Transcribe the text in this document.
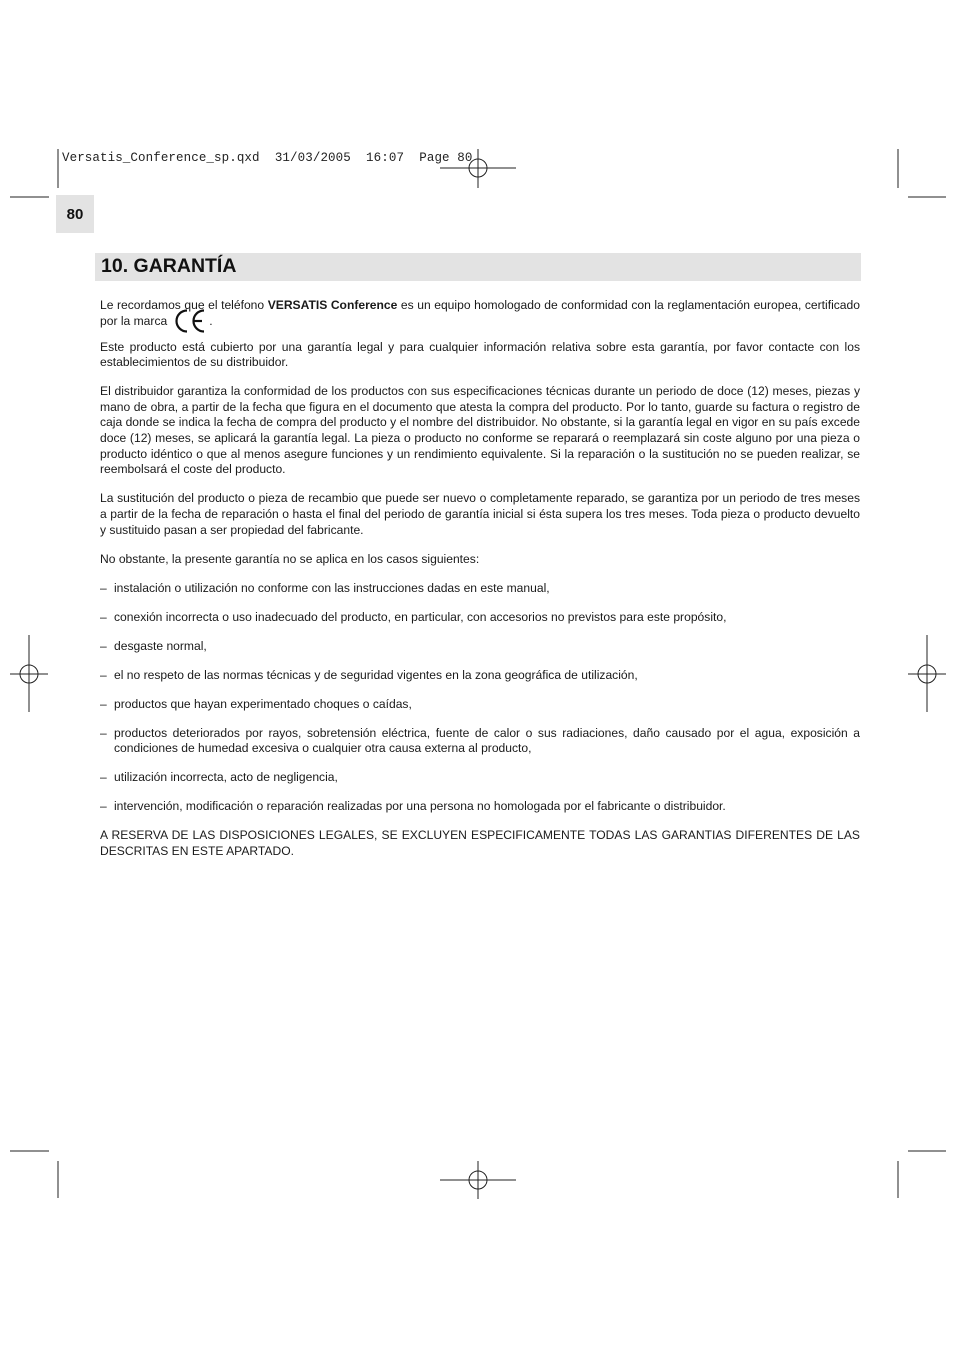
Versatis_Conference_sp.qxd  31/03/2005  16:07  Page 80
80
10. GARANTÍA

Le recordamos que el teléfono VERSATIS Conference es un equipo homologado de conformidad con la reglamentación europea, certificado por la marca	.

Este producto está cubierto por una garantía legal y para cualquier información relativa sobre esta garantía, por favor contacte con los establecimientos de su distribuidor.

El distribuidor garantiza la conformidad de los productos con sus especificaciones técnicas durante un periodo de doce (12) meses, piezas y mano de obra, a partir de la fecha que figura en el documento que atesta la compra del producto. Por lo tanto, guarde su factura o registro de caja donde se indica la fecha de compra del producto y el nombre del distribuidor. No obstante, si la garantía legal en vigor en su país excede doce (12) meses, se aplicará la garantía legal. La pieza o producto no conforme se reparará o reemplazará sin coste alguno por una pieza o producto idéntico o que al menos asegure funciones y un rendimiento equivalente. Si la reparación o la sustitución no se pueden realizar, se reembolsará el coste del producto.

La sustitución del producto o pieza de recambio que puede ser nuevo o completamente reparado, se garantiza por un periodo de tres meses a partir de la fecha de reparación o hasta el final del periodo de garantía inicial si ésta supera los tres meses. Toda pieza o producto devuelto y sustituido pasan a ser propiedad del fabricante.

No obstante, la presente garantía no se aplica en los casos siguientes:

– instalación o utilización no conforme con las instrucciones dadas en este manual,
– conexión incorrecta o uso inadecuado del producto, en particular, con accesorios no previstos para este propósito,
– desgaste normal,
– el no respeto de las normas técnicas y de seguridad vigentes en la zona geográfica de utilización,
– productos que hayan experimentado choques o caídas,
– productos deteriorados por rayos, sobretensión eléctrica, fuente de calor o sus radiaciones, daño causado por el agua, exposición a condiciones de humedad excesiva o cualquier otra causa externa al producto,
– utilización incorrecta, acto de negligencia,
– intervención, modificación o reparación realizadas por una persona no homologada por el fabricante o distribuidor.

A RESERVA DE LAS DISPOSICIONES LEGALES, SE EXCLUYEN ESPECIFICAMENTE TODAS LAS GARANTIAS DIFERENTES DE LAS DESCRITAS EN ESTE APARTADO.
